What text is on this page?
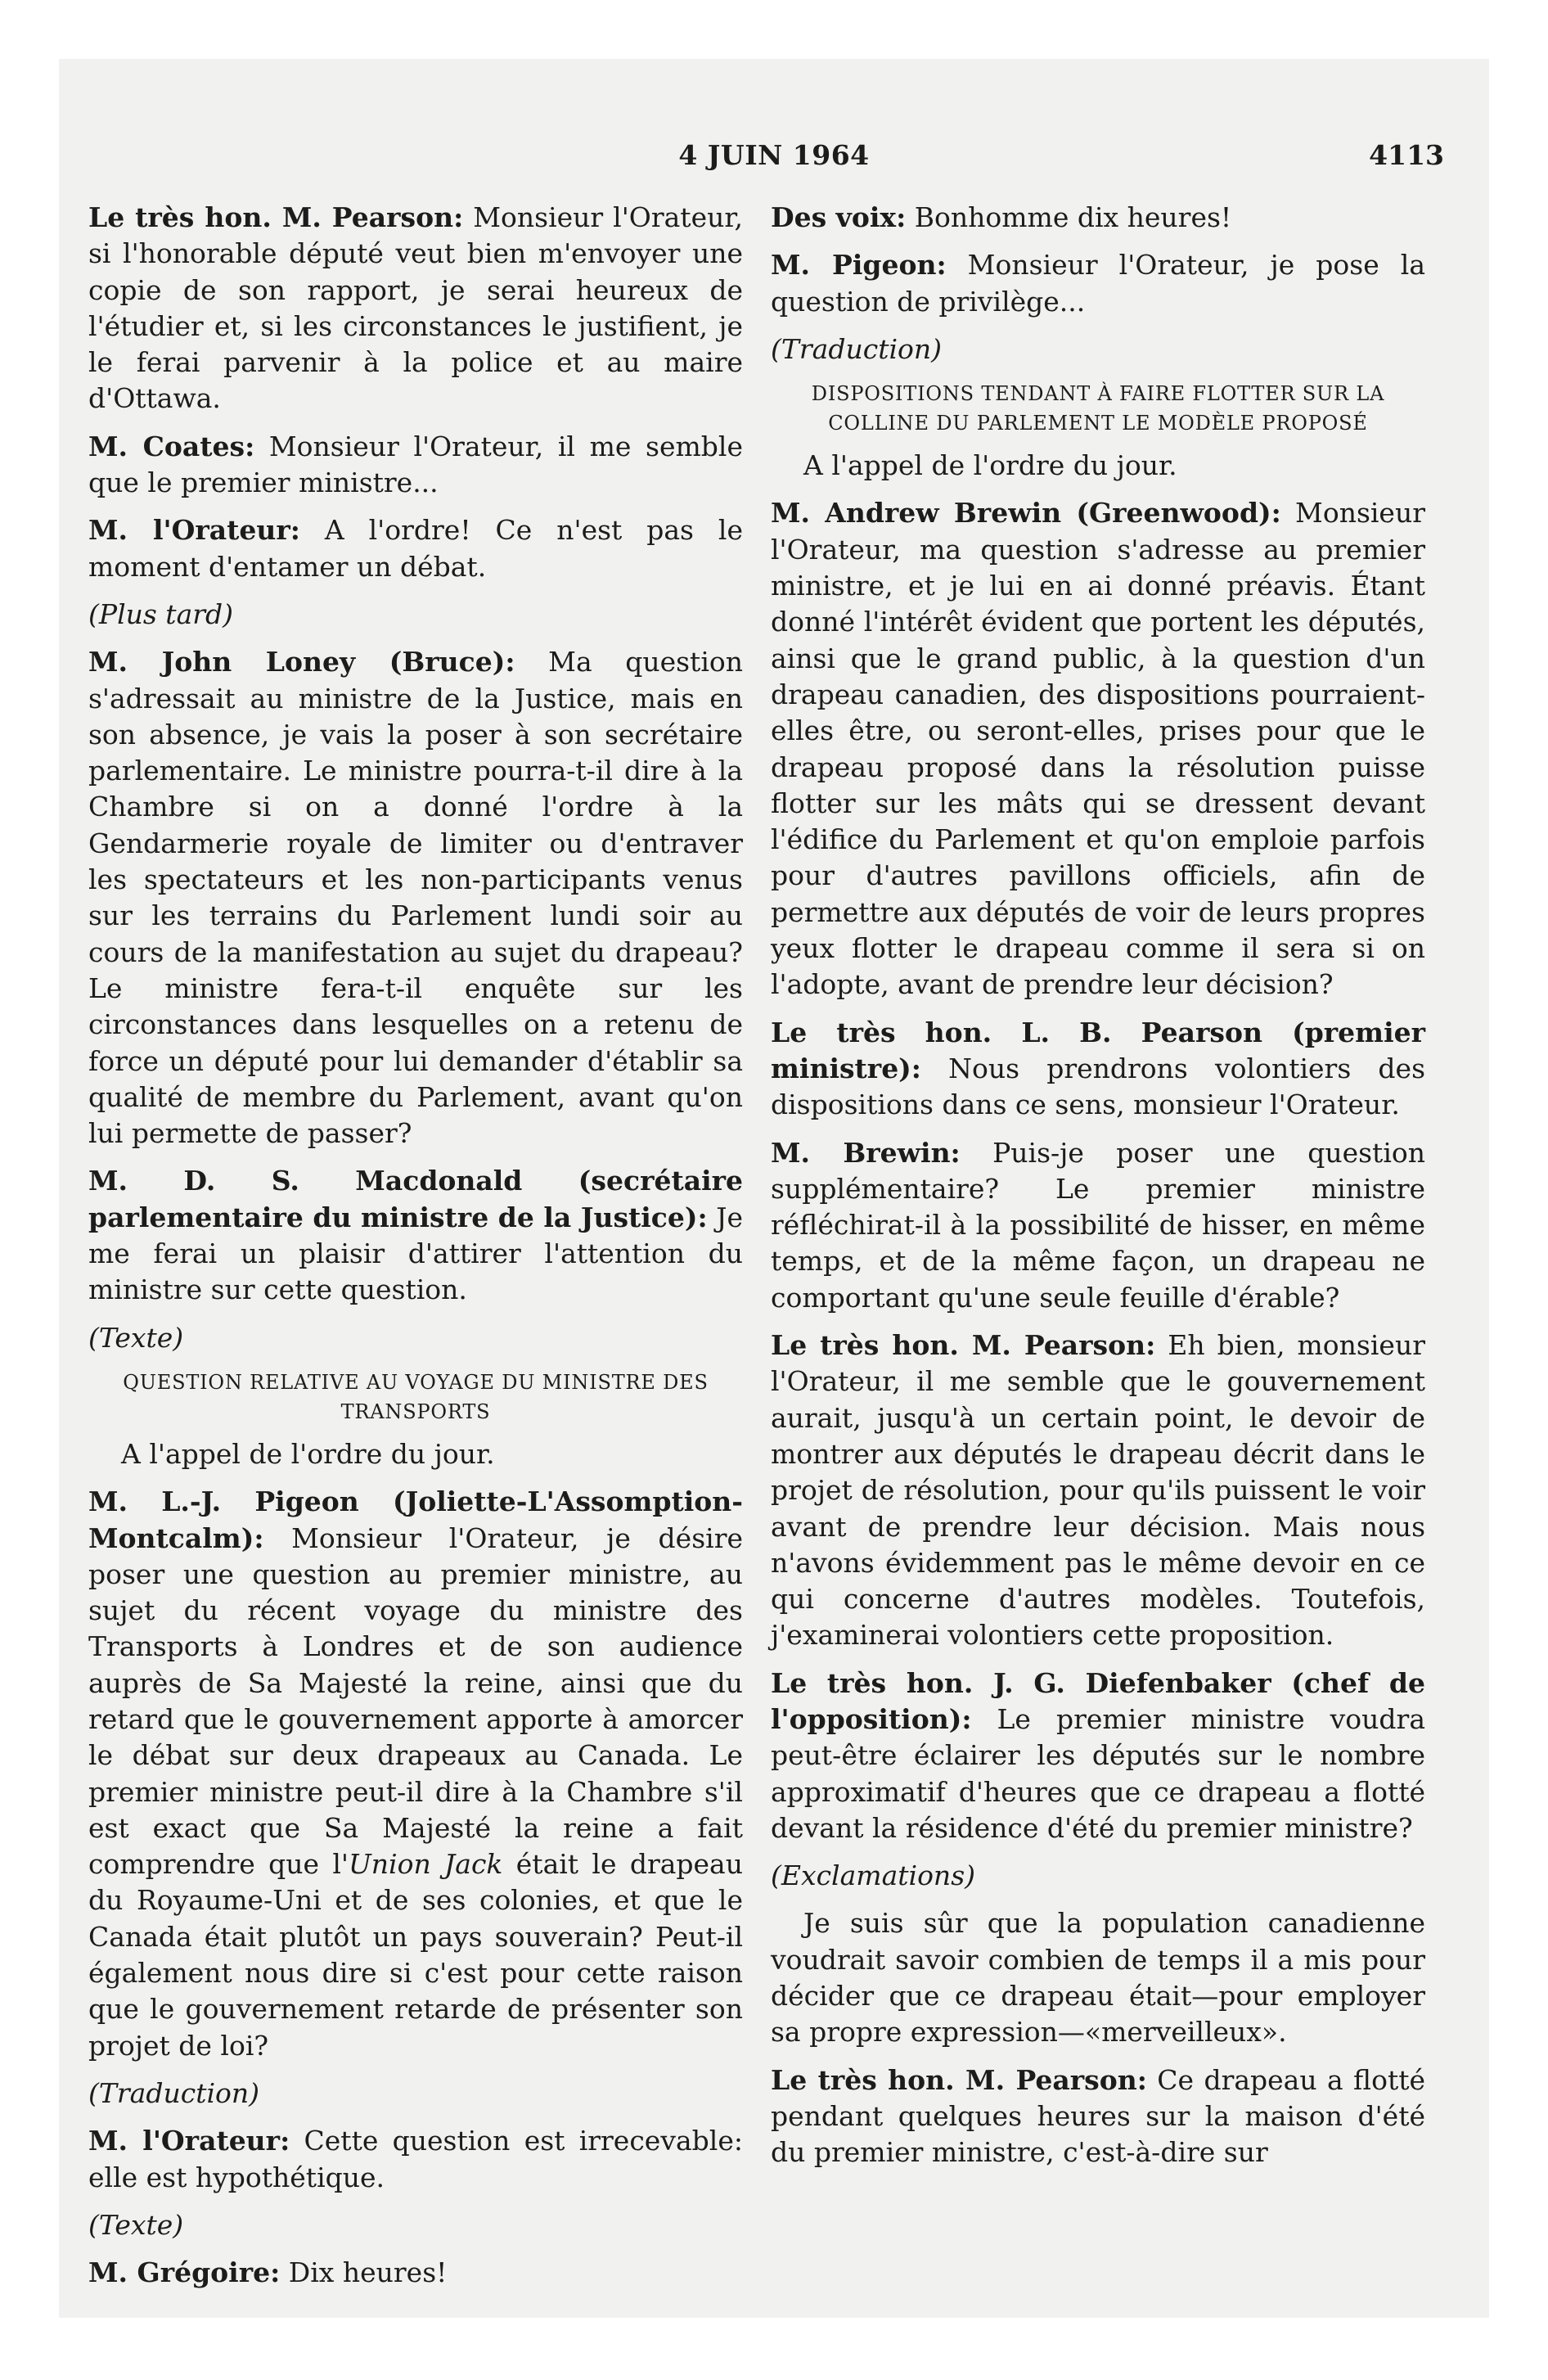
4 JUIN 1964	4113

Le très hon. M. Pearson: Monsieur l'Orateur, si l'honorable député veut bien m'envoyer une copie de son rapport, je serai heureux de l'étudier et, si les circonstances le justifient, je le ferai parvenir à la police et au maire d'Ottawa.

M. Coates: Monsieur l'Orateur, il me semble que le premier ministre...

M. l'Orateur: A l'ordre! Ce n'est pas le moment d'entamer un débat.

(Plus tard)

M. John Loney (Bruce): Ma question s'adressait au ministre de la Justice, mais en son absence, je vais la poser à son secrétaire parlementaire. Le ministre pourra-t-il dire à la Chambre si on a donné l'ordre à la Gendarmerie royale de limiter ou d'entraver les spectateurs et les non-participants venus sur les terrains du Parlement lundi soir au cours de la manifestation au sujet du drapeau? Le ministre fera-t-il enquête sur les circonstances dans lesquelles on a retenu de force un député pour lui demander d'établir sa qualité de membre du Parlement, avant qu'on lui permette de passer?

M. D. S. Macdonald (secrétaire parlementaire du ministre de la Justice): Je me ferai un plaisir d'attirer l'attention du ministre sur cette question.

(Texte)
QUESTION RELATIVE AU VOYAGE DU MINISTRE DES TRANSPORTS

A l'appel de l'ordre du jour.

M. L.-J. Pigeon (Joliette-L'Assomption-Montcalm): Monsieur l'Orateur, je désire poser une question au premier ministre, au sujet du récent voyage du ministre des Transports à Londres et de son audience auprès de Sa Majesté la reine, ainsi que du retard que le gouvernement apporte à amorcer le débat sur deux drapeaux au Canada. Le premier ministre peut-il dire à la Chambre s'il est exact que Sa Majesté la reine a fait comprendre que l'Union Jack était le drapeau du Royaume-Uni et de ses colonies, et que le Canada était plutôt un pays souverain? Peut-il également nous dire si c'est pour cette raison que le gouvernement retarde de présenter son projet de loi?

(Traduction)

M. l'Orateur: Cette question est irrecevable: elle est hypothétique.

(Texte)

M. Grégoire: Dix heures!

Des voix: Bonhomme dix heures!

M. Pigeon: Monsieur l'Orateur, je pose la question de privilège...

(Traduction)
DISPOSITIONS TENDANT À FAIRE FLOTTER SUR LA COLLINE DU PARLEMENT LE MODÈLE PROPOSÉ

A l'appel de l'ordre du jour.

M. Andrew Brewin (Greenwood): Monsieur l'Orateur, ma question s'adresse au premier ministre, et je lui en ai donné préavis. Étant donné l'intérêt évident que portent les députés, ainsi que le grand public, à la question d'un drapeau canadien, des dispositions pourraient-elles être, ou seront-elles, prises pour que le drapeau proposé dans la résolution puisse flotter sur les mâts qui se dressent devant l'édifice du Parlement et qu'on emploie parfois pour d'autres pavillons officiels, afin de permettre aux députés de voir de leurs propres yeux flotter le drapeau comme il sera si on l'adopte, avant de prendre leur décision?

Le très hon. L. B. Pearson (premier ministre): Nous prendrons volontiers des dispositions dans ce sens, monsieur l'Orateur.

M. Brewin: Puis-je poser une question supplémentaire? Le premier ministre réfléchirat-il à la possibilité de hisser, en même temps, et de la même façon, un drapeau ne comportant qu'une seule feuille d'érable?

Le très hon. M. Pearson: Eh bien, monsieur l'Orateur, il me semble que le gouvernement aurait, jusqu'à un certain point, le devoir de montrer aux députés le drapeau décrit dans le projet de résolution, pour qu'ils puissent le voir avant de prendre leur décision. Mais nous n'avons évidemment pas le même devoir en ce qui concerne d'autres modèles. Toutefois, j'examinerai volontiers cette proposition.

Le très hon. J. G. Diefenbaker (chef de l'opposition): Le premier ministre voudra peut-être éclairer les députés sur le nombre approximatif d'heures que ce drapeau a flotté devant la résidence d'été du premier ministre?

(Exclamations)

Je suis sûr que la population canadienne voudrait savoir combien de temps il a mis pour décider que ce drapeau était—pour employer sa propre expression—«merveilleux».

Le très hon. M. Pearson: Ce drapeau a flotté pendant quelques heures sur la maison d'été du premier ministre, c'est-à-dire sur
